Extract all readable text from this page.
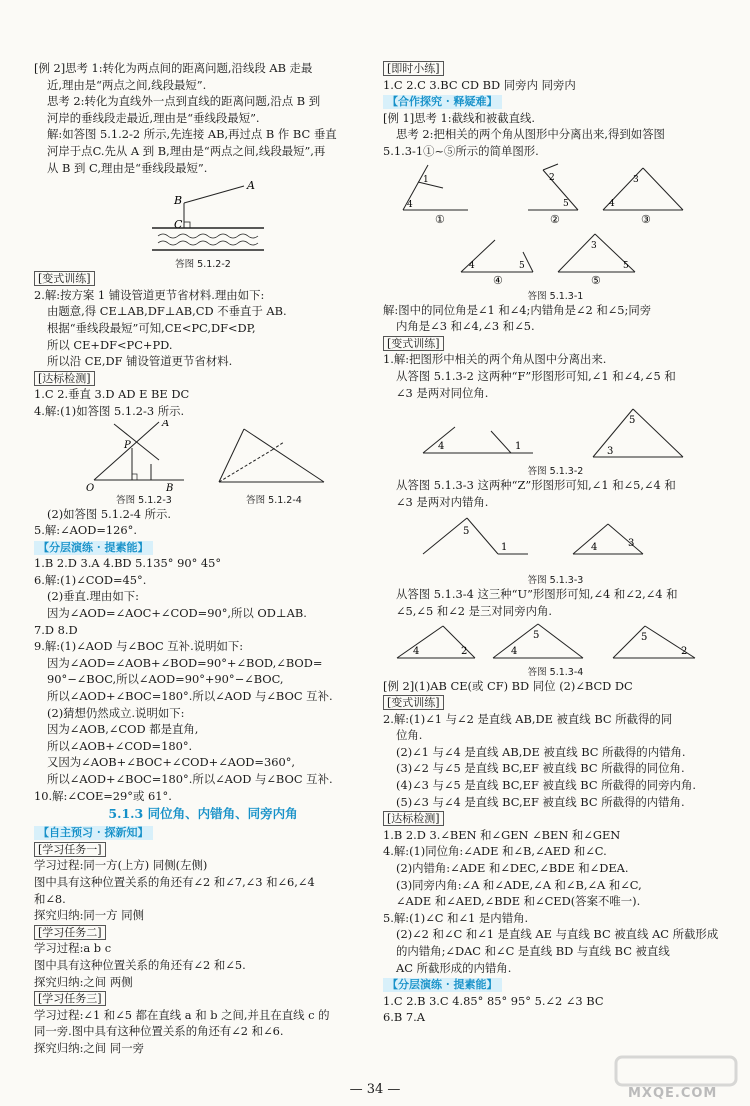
[例 2]思考 1:转化为两点间的距离问题,沿线段 AB 走最
近,理由是“两点之间,线段最短”.
思考 2:转化为直线外一点到直线的距离问题,沿点 B 到
河岸的垂线段走最近,理由是“垂线段最短”.
解:如答图 5.1.2-2 所示,先连接 AB,再过点 B 作 BC 垂直
河岸于点C.先从 A 到 B,理由是“两点之间,线段最短”,再
从 B 到 C,理由是“垂线段最短”.
A
B
C
答图 5.1.2-2
[变式训练]
2.解:按方案 1 铺设管道更节省材料.理由如下:
由题意,得 CE⊥AB,DF⊥AB,CD 不垂直于 AB.
根据“垂线段最短”可知,CE<PC,DF<DP,
所以 CE+DF<PC+PD.
所以沿 CE,DF 铺设管道更节省材料.
[达标检测]
1.C 2.垂直 3.D AD E BE DC
4.解:(1)如答图 5.1.2-3 所示.
P
O	B
A
答图 5.1.2-3	答图 5.1.2-4
(2)如答图 5.1.2-4 所示.
5.解:∠AOD=126°.
【分层演练 · 提素能】
1.B 2.D 3.A 4.BD 5.135° 90° 45°
6.解:(1)∠COD=45°.
(2)垂直.理由如下:
因为∠AOD=∠AOC+∠COD=90°,所以 OD⊥AB.
7.D 8.D
9.解:(1)∠AOD 与∠BOC 互补.说明如下:
因为∠AOD=∠AOB+∠BOD=90°+∠BOD,∠BOD=
90°−∠BOC,所以∠AOD=90°+90°−∠BOC,
所以∠AOD+∠BOC=180°.所以∠AOD 与∠BOC 互补.
(2)猜想仍然成立.说明如下:
因为∠AOB,∠COD 都是直角,
所以∠AOB+∠COD=180°.
又因为∠AOB+∠BOC+∠COD+∠AOD=360°,
所以∠AOD+∠BOC=180°.所以∠AOD 与∠BOC 互补.
10.解:∠COE=29°或 61°.
5.1.3 同位角、内错角、同旁内角
【自主预习 · 探新知】
[学习任务一]
学习过程:同一方(上方) 同侧(左侧)
图中具有这种位置关系的角还有∠2 和∠7,∠3 和∠6,∠4
和∠8.
探究归纳:同一方 同侧
[学习任务二]
学习过程:a b c
图中具有这种位置关系的角还有∠2 和∠5.
探究归纳:之间 两侧
[学习任务三]
学习过程:∠1 和∠5 都在直线 a 和 b 之间,并且在直线 c 的
同一旁.图中具有这种位置关系的角还有∠2 和∠6.
探究归纳:之间 同一旁
[即时小练]
1.C 2.C 3.BC CD BD 同旁内 同旁内
【合作探究 · 释疑难】
[例 1]思考 1:截线和被截直线.
思考 2:把相关的两个角从图形中分离出来,得到如答图
5.1.3-1①~⑤所示的简单图形.
4
1
5
2
4
3
4	5
3
5
①	②	③
④	⑤
答图 5.1.3-1
解:图中的同位角是∠1 和∠4;内错角是∠2 和∠5;同旁
内角是∠3 和∠4,∠3 和∠5.
[变式训练]
1.解:把图形中相关的两个角从图中分离出来.
从答图 5.1.3-2 这两种“F”形图形可知,∠1 和∠4,∠5 和
∠3 是两对同位角.
4	1	3
5
答图 5.1.3-2
从答图 5.1.3-3 这两种“Z”形图形可知,∠1 和∠5,∠4 和
∠3 是两对内错角.
5
1	4	3
答图 5.1.3-3
从答图 5.1.3-4 这三种“U”形图形可知,∠4 和∠2,∠4 和
∠5,∠5 和∠2 是三对同旁内角.
4	2	4
5	5
2
答图 5.1.3-4
[例 2](1)AB CE(或 CF) BD 同位 (2)∠BCD DC
[变式训练]
2.解:(1)∠1 与∠2 是直线 AB,DE 被直线 BC 所截得的同
位角.
(2)∠1 与∠4 是直线 AB,DE 被直线 BC 所截得的内错角.
(3)∠2 与∠5 是直线 BC,EF 被直线 BC 所截得的同位角.
(4)∠3 与∠5 是直线 BC,EF 被直线 BC 所截得的同旁内角.
(5)∠3 与∠4 是直线 BC,EF 被直线 BC 所截得的内错角.
[达标检测]
1.B 2.D 3.∠BEN 和∠GEN ∠BEN 和∠GEN
4.解:(1)同位角:∠ADE 和∠B,∠AED 和∠C.
(2)内错角:∠ADE 和∠DEC,∠BDE 和∠DEA.
(3)同旁内角:∠A 和∠ADE,∠A 和∠B,∠A 和∠C,
∠ADE 和∠AED,∠BDE 和∠CED(答案不唯一).
5.解:(1)∠C 和∠1 是内错角.
(2)∠2 和∠C 和∠1 是直线 AE 与直线 BC 被直线 AC 所截形成
的内错角;∠DAC 和∠C 是直线 BD 与直线 BC 被直线
AC 所截形成的内错角.
【分层演练 · 提素能】
1.C 2.B 3.C 4.85° 85° 95° 5.∠2 ∠3 BC
6.B 7.A
— 34 —	MXQE.COM
